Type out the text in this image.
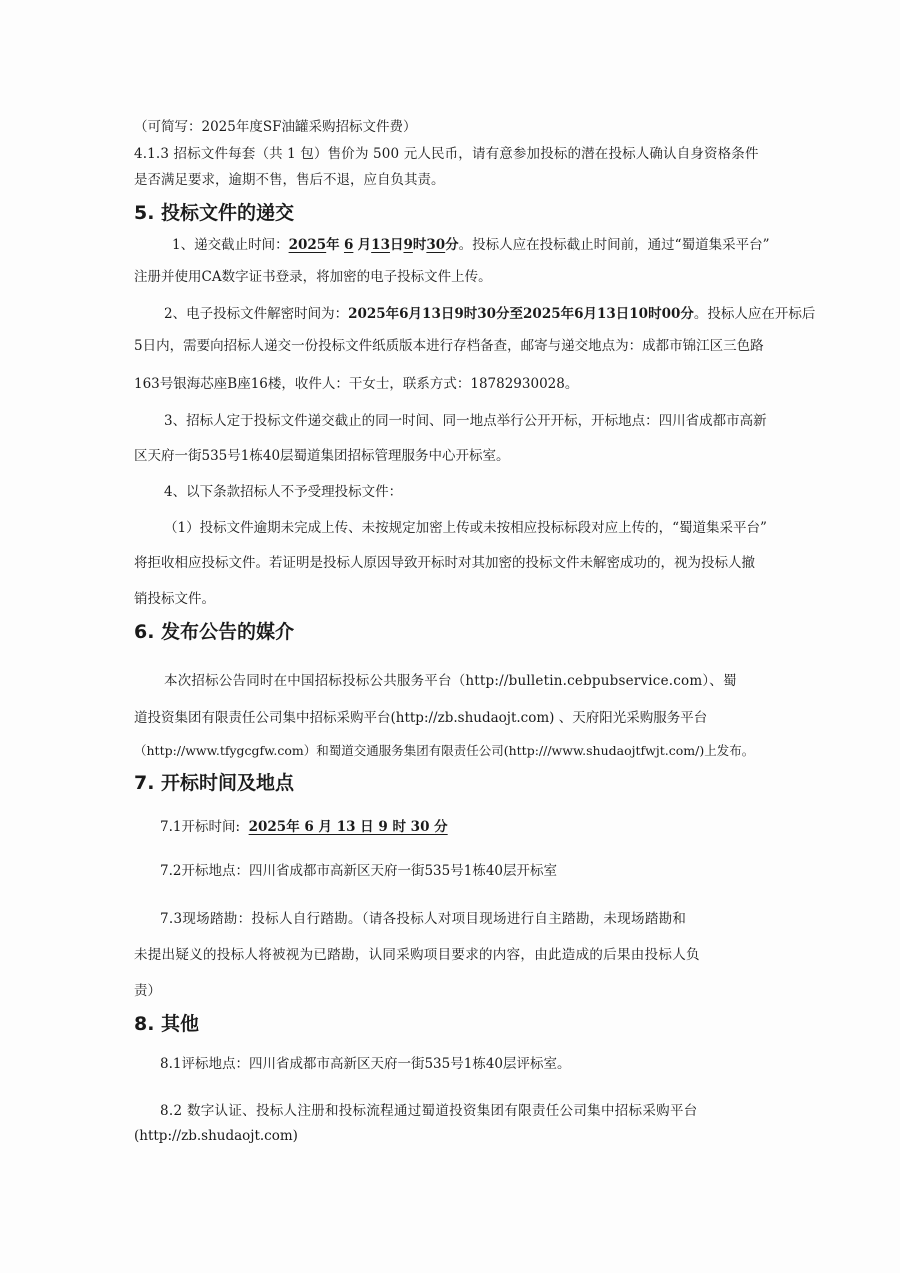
（可简写：2025年度SF油罐采购招标文件费）
4.1.3 招标文件每套（共 1 包）售价为 500 元人民币，请有意参加投标的潜在投标人确认自身资格条件
是否满足要求，逾期不售，售后不退，应自负其责。
5. 投标文件的递交
1、递交截止时间：2025年 6 月13日9时30分。投标人应在投标截止时间前，通过“蜀道集采平台”
注册并使用CA数字证书登录，将加密的电子投标文件上传。
2、电子投标文件解密时间为：2025年6月13日9时30分至2025年6月13日10时00分。投标人应在开标后
5日内，需要向招标人递交一份投标文件纸质版本进行存档备查，邮寄与递交地点为：成都市锦江区三色路
163号银海芯座B座16楼，收件人：干女士，联系方式：18782930028。
3、招标人定于投标文件递交截止的同一时间、同一地点举行公开开标，开标地点：四川省成都市高新
区天府一街535号1栋40层蜀道集团招标管理服务中心开标室。
4、以下条款招标人不予受理投标文件：
（1）投标文件逾期未完成上传、未按规定加密上传或未按相应投标标段对应上传的，“蜀道集采平台”
将拒收相应投标文件。若证明是投标人原因导致开标时对其加密的投标文件未解密成功的，视为投标人撤
销投标文件。
6. 发布公告的媒介
本次招标公告同时在中国招标投标公共服务平台（http://bulletin.cebpubservice.com）、蜀
道投资集团有限责任公司集中招标采购平台(http://zb.shudaojt.com) 、天府阳光采购服务平台
（http://www.tfygcgfw.com）和蜀道交通服务集团有限责任公司(http:///www.shudaojtfwjt.com/)上发布。
7. 开标时间及地点
7.1开标时间: 2025年 6 月 13 日 9 时 30 分
7.2开标地点：四川省成都市高新区天府一街535号1栋40层开标室
7.3现场踏勘：投标人自行踏勘。（请各投标人对项目现场进行自主踏勘，未现场踏勘和
未提出疑义的投标人将被视为已踏勘，认同采购项目要求的内容，由此造成的后果由投标人负
责）
8. 其他
8.1评标地点：四川省成都市高新区天府一街535号1栋40层评标室。
8.2 数字认证、投标人注册和投标流程通过蜀道投资集团有限责任公司集中招标采购平台
(http://zb.shudaojt.com)
